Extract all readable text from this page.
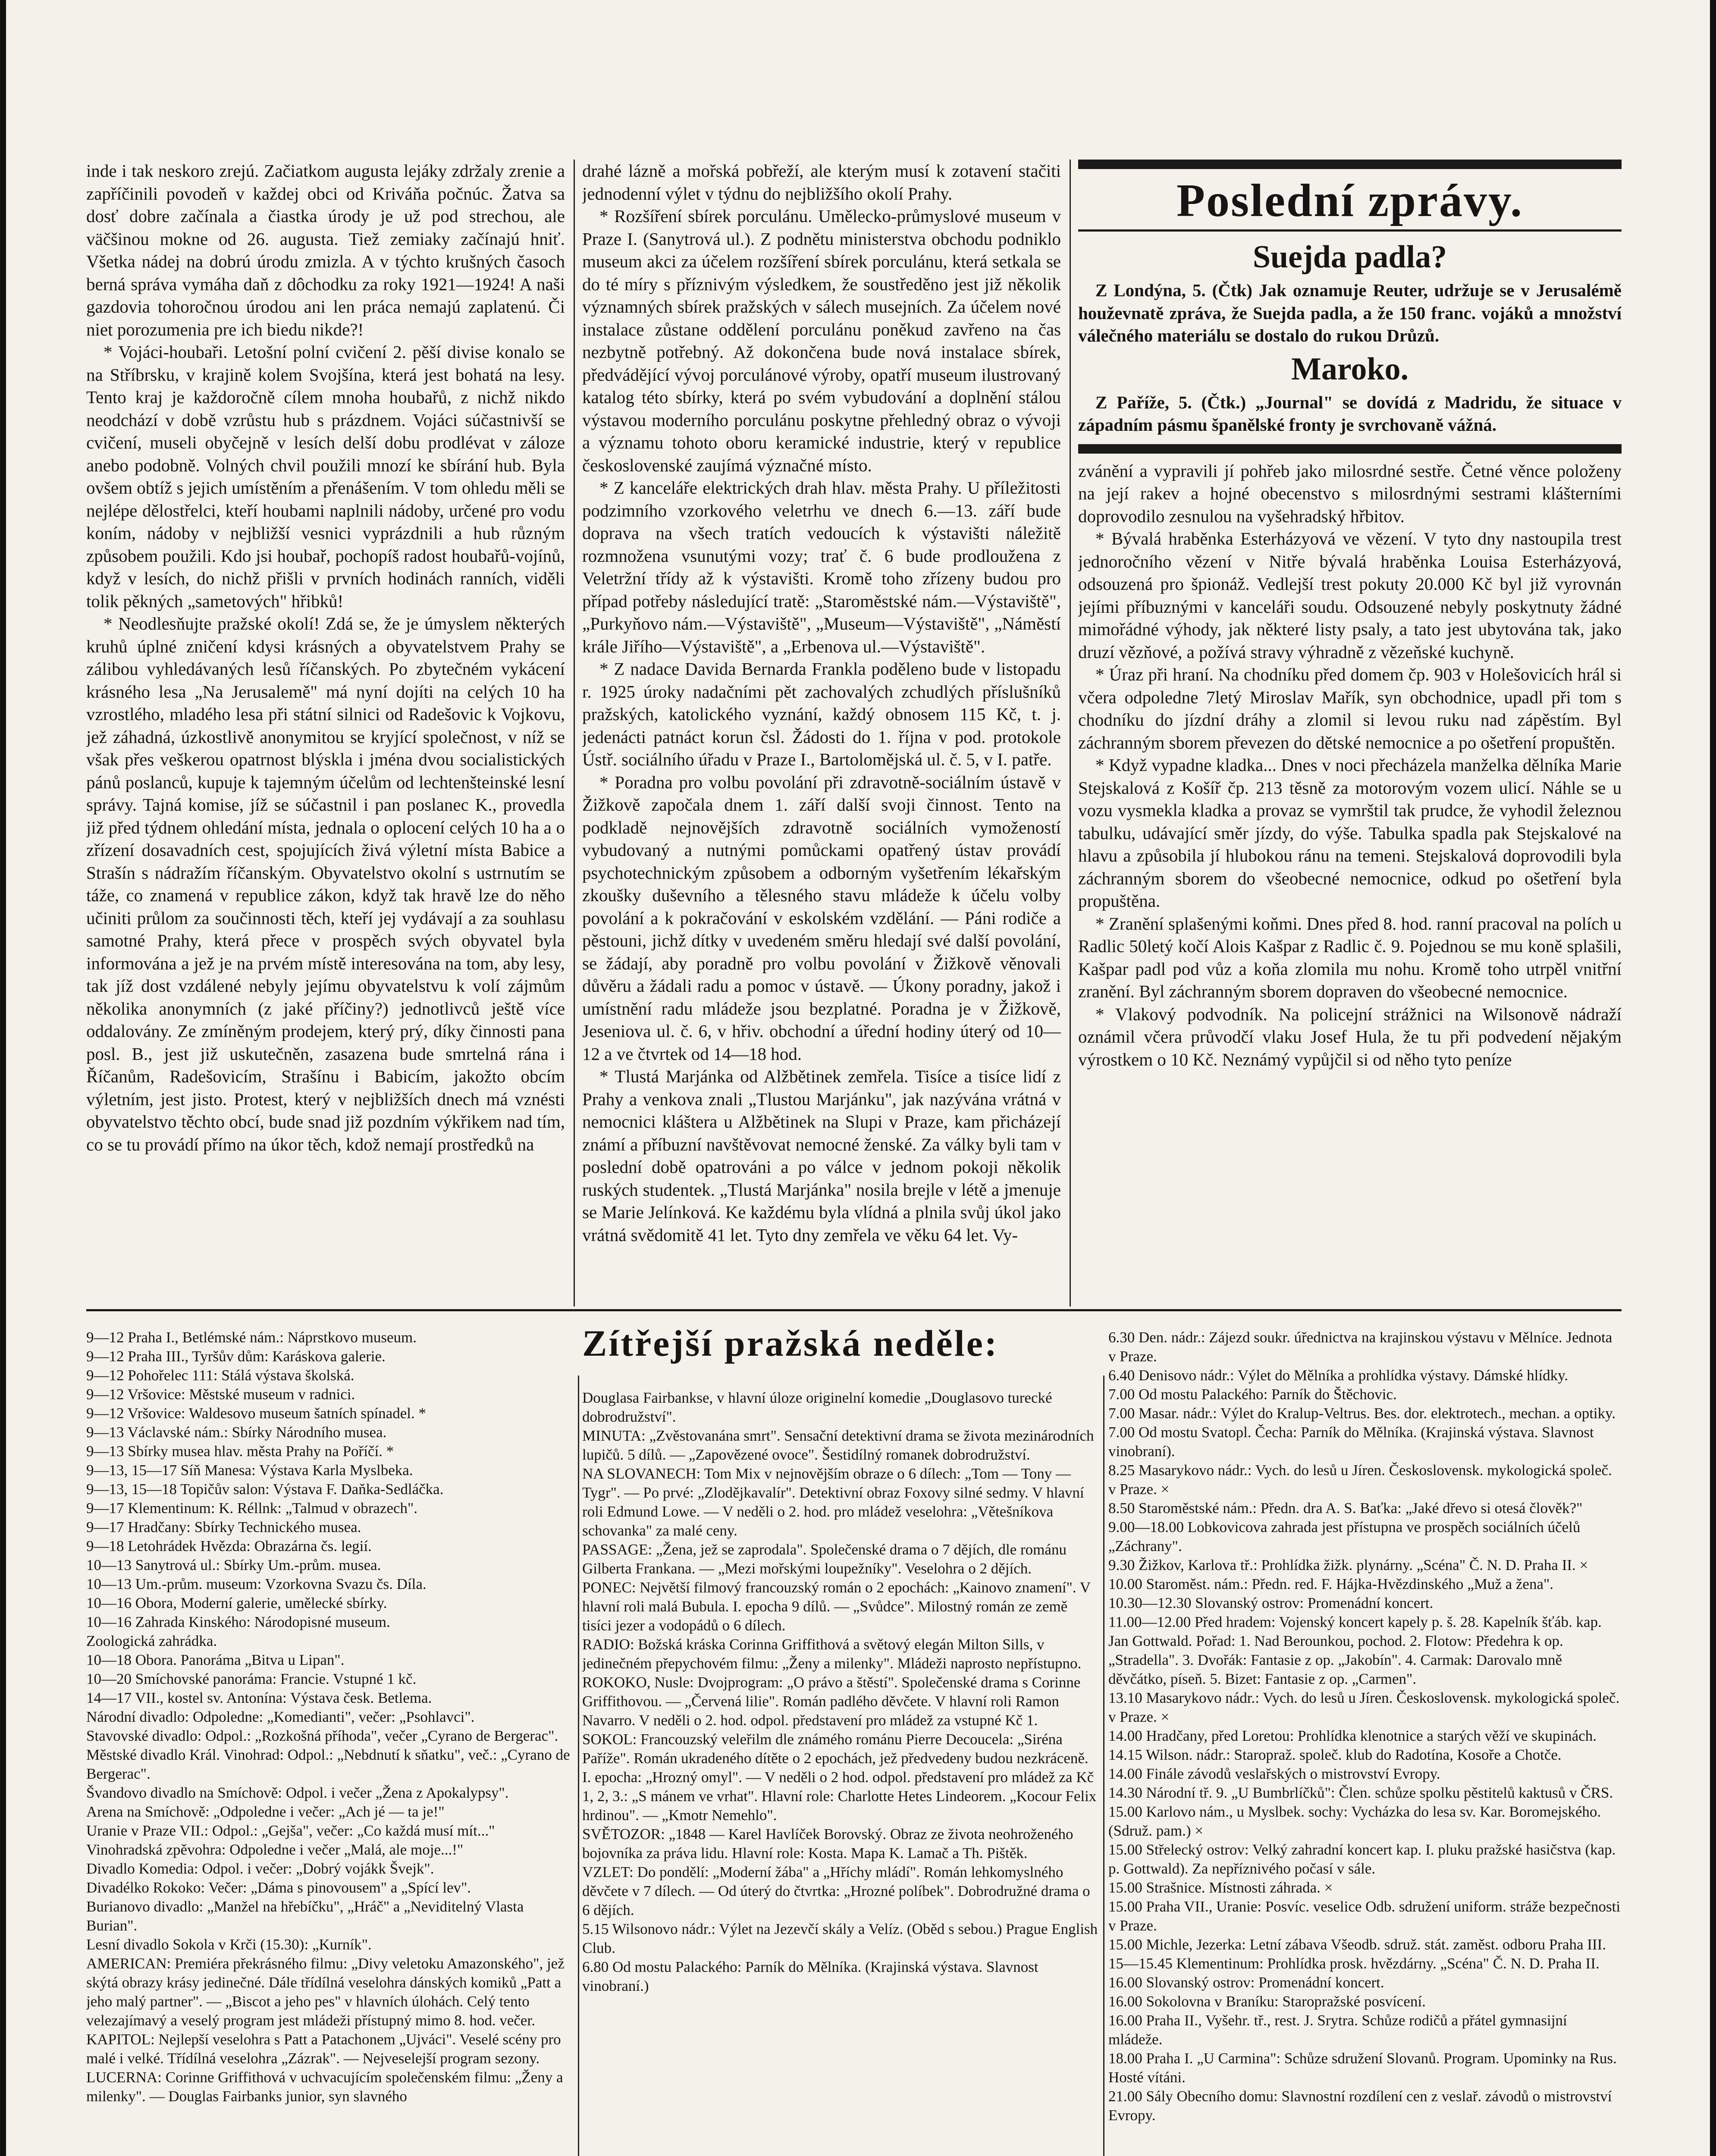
inde i tak neskoro zrejú. Začiatkom augusta lejáky zdržaly zrenie a zapříčinili povodeň v každej obci od Kriváňa počnúc. Žatva sa dosť dobre začínala a čiastka úrody je už pod strechou, ale väčšinou mokne od 26. augusta. Tiež zemiaky začínajú hniť. Všetka nádej na dobrú úrodu zmizla. A v týchto krušných časoch berná správa vymáha daň z dôchodku za roky 1921—1924! A naši gazdovia tohoročnou úrodou ani len práca nemajú zaplatenú. Či niet porozumenia pre ich biedu nikde?!

* Vojáci-houbaři. Letošní polní cvičení 2. pěší divise konalo se na Stříbrsku, v krajině kolem Svojšína, která jest bohatá na lesy. Tento kraj je každoročně cílem mnoha houbařů, z nichž nikdo neodchází v době vzrůstu hub s prázdnem. Vojáci súčastnivší se cvičení, museli obyčejně v lesích delší dobu prodlévat v záloze anebo podobně. Volných chvil použili mnozí ke sbírání hub. Byla ovšem obtíž s jejich umístěním a přenášením. V tom ohledu měli se nejlépe dělostřelci, kteří houbami naplnili nádoby, určené pro vodu koním, nádoby v nejbližší vesnici vyprázdnili a hub různým způsobem použili. Kdo jsi houbař, pochopíš radost houbařů-vojínů, když v lesích, do nichž přišli v prvních hodinách ranních, viděli tolik pěkných „sametových" hřibků!

* Neodlesňujte pražské okolí! Zdá se, že je úmyslem některých kruhů úplné zničení kdysi krásných a obyvatelstvem Prahy se zálibou vyhledávaných lesů říčanských. Po zbytečném vykácení krásného lesa „Na Jerusalemě" má nyní dojíti na celých 10 ha vzrostlého, mladého lesa při státní silnici od Radešovic k Vojkovu, jež záhadná, úzkostlivě anonymitou se kryjící společnost, v níž se však přes veškerou opatrnost blýskla i jména dvou socialistických pánů poslanců, kupuje k tajemným účelům od lechtenšteinské lesní správy. Tajná komise, jíž se súčastnil i pan poslanec K., provedla již před týdnem ohledání místa, jednala o oplocení celých 10 ha a o zřízení dosavadních cest, spojujících živá výletní místa Babice a Strašín s nádražím říčanským. Obyvatelstvo okolní s ustrnutím se táže, co znamená v republice zákon, když tak hravě lze do něho učiniti průlom za součinnosti těch, kteří jej vydávají a za souhlasu samotné Prahy, která přece v prospěch svých obyvatel byla informována a jež je na prvém místě interesována na tom, aby lesy, tak jíž dost vzdálené nebyly jejímu obyvatelstvu k volí zájmům několika anonymních (z jaké příčiny?) jednotlivců ještě více oddalovány. Ze zmíněným prodejem, který prý, díky činnosti pana posl. B., jest již uskutečněn, zasazena bude smrtelná rána i Říčanům, Radešovicím, Strašínu i Babicím, jakožto obcím výletním, jest jisto. Protest, který v nejbližších dnech má vznésti obyvatelstvo těchto obcí, bude snad již pozdním výkřikem nad tím, co se tu provádí přímo na úkor těch, kdož nemají prostředků na

drahé lázně a mořská pobřeží, ale kterým musí k zotavení stačiti jednodenní výlet v týdnu do nejbližšího okolí Prahy.

* Rozšíření sbírek porculánu. Umělecko-průmyslové museum v Praze I. (Sanytrová ul.). Z podnětu ministerstva obchodu podniklo museum akci za účelem rozšíření sbírek porculánu, která setkala se do té míry s příznivým výsledkem, že soustředěno jest již několik významných sbírek pražských v sálech musejních. Za účelem nové instalace zůstane oddělení porculánu poněkud zavřeno na čas nezbytně potřebný. Až dokončena bude nová instalace sbírek, předvádějící vývoj porculánové výroby, opatří museum ilustrovaný katalog této sbírky, která po svém vybudování a doplnění stálou výstavou moderního porculánu poskytne přehledný obraz o vývoji a významu tohoto oboru keramické industrie, který v republice československé zaujímá význačné místo.

* Z kanceláře elektrických drah hlav. města Prahy. U příležitosti podzimního vzorkového veletrhu ve dnech 6.—13. září bude doprava na všech tratích vedoucích k výstavišti náležitě rozmnožena vsunutými vozy; trať č. 6 bude prodloužena z Veletržní třídy až k výstavišti. Kromě toho zřízeny budou pro případ potřeby následující tratě: „Staroměstské nám.—Výstaviště", „Purkyňovo nám.—Výstaviště", „Museum—Výstaviště", „Náměstí krále Jiřího—Výstaviště", a „Erbenova ul.—Výstaviště".

* Z nadace Davida Bernarda Frankla poděleno bude v listopadu r. 1925 úroky nadačními pět zachovalých zchudlých příslušníků pražských, katolického vyznání, každý obnosem 115 Kč, t. j. jedenácti patnáct korun čsl. Žádosti do 1. října v pod. protokole Ústř. sociálního úřadu v Praze I., Bartolomějská ul. č. 5, v I. patře.

* Poradna pro volbu povolání při zdravotně-sociálním ústavě v Žižkově započala dnem 1. září další svoji činnost. Tento na podkladě nejnovějších zdravotně sociálních vymožeností vybudovaný a nutnými pomůckami opatřený ústav provádí psychotechnickým způsobem a odborným vyšetřením lékařským zkoušky duševního a tělesného stavu mládeže k účelu volby povolání a k pokračování v eskolském vzdělání. — Páni rodiče a pěstouni, jichž dítky v uvedeném směru hledají své další povolání, se žádají, aby poradně pro volbu povolání v Žižkově věnovali důvěru a žádali radu a pomoc v ústavě. — Úkony poradny, jakož i umístnění radu mládeže jsou bezplatné. Poradna je v Žižkově, Jeseniova ul. č. 6, v hřiv. obchodní a úřední hodiny úterý od 10—12 a ve čtvrtek od 14—18 hod.

* Tlustá Marjánka od Alžbětinek zemřela. Tisíce a tisíce lidí z Prahy a venkova znali „Tlustou Marjánku", jak nazývána vrátná v nemocnici klášterа u Alžbětinek na Slupi v Praze, kam přicházejí známí a příbuzní navštěvovat nemocné ženské. Za války byli tam v poslední době opatrováni a po válce v jednom pokoji několik ruských studentek. „Tlustá Marjánka" nosila brejle v létě a jmenuje se Marie Jelínková. Ke každému byla vlídná a plnila svůj úkol jako vrátná svědomitě 41 let. Tyto dny zemřela ve věku 64 let. Vy-

Poslední zprávy.
Suejda padla?

Z Londýna, 5. (Čtk) Jak oznamuje Reuter, udržuje se v Jerusalémě houževnatě zpráva, že Suejda padla, a že 150 franc. vojáků a množství válečného materiálu se dostalo do rukou Drůzů.

Maroko.

Z Paříže, 5. (Čtk.) „Journal" se dovídá z Madridu, že situace v západním pásmu španělské fronty je svrchovaně vážná.

zvánění a vypravili jí pohřeb jako milosrdné sestře. Četné věnce položeny na její rakev a hojné obecenstvo s milosrdnými sestrami klášterními doprovodilo zesnulou na vyšehradský hřbitov.

* Bývalá hraběnka Esterházyová ve vězení. V tyto dny nastoupila trest jednoročního vězení v Nitře bývalá hraběnka Louisa Esterházyová, odsouzená pro špionáž. Vedlejší trest pokuty 20.000 Kč byl již vyrovnán jejími příbuznými v kanceláři soudu. Odsouzené nebyly poskytnuty žádné mimořádné výhody, jak některé listy psaly, a tato jest ubytována tak, jako druzí vězňové, a požívá stravy výhradně z vězeňské kuchyně.

* Úraz při hraní. Na chodníku před domem čp. 903 v Holešovicích hrál si včera odpoledne 7letý Miroslav Mařík, syn obchodnice, upadl při tom s chodníku do jízdní dráhy a zlomil si levou ruku nad zápěstím. Byl záchranným sborem převezen do dětské nemocnice a po ošetření propuštěn.

* Když vypadne kladka... Dnes v noci přecházela manželka dělníka Marie Stejskalová z Košíř čp. 213 těsně za motorovým vozem ulicí. Náhle se u vozu vysmekla kladka a provaz se vymrštil tak prudce, že vyhodil železnou tabulku, udávající směr jízdy, do výše. Tabulka spadla pak Stejskalové na hlavu a způsobila jí hlubokou ránu na temeni. Stejskalová doprovodili byla záchranným sborem do všeobecné nemocnice, odkud po ošetření byla propuštěna.

* Zranění splašenými koňmi. Dnes před 8. hod. ranní pracoval na polích u Radlic 50letý kočí Alois Kašpar z Radlic č. 9. Pojednou se mu koně splašili, Kašpar padl pod vůz a koňa zlomila mu nohu. Kromě toho utrpěl vnitřní zranění. Byl záchranným sborem dopraven do všeobecné nemocnice.

* Vlakový podvodník. Na policejní strážnici na Wilsonově nádraží oznámil včera průvodčí vlaku Josef Hula, že tu při podvedení nějakým výrostkem o 10 Kč. Neznámý vypůjčil si od něho tyto peníze

Zítřejší pražská neděle:

9—12 Praha I., Betlémské nám.: Náprstkovo museum.

9—12 Praha III., Tyršův dům: Karáskova galerie.

9—12 Pohořelec 111: Stálá výstava školská.

9—12 Vršovice: Městské museum v radnici.

9—12 Vršovice: Waldesovo museum šatních spínadel. *

9—13 Václavské nám.: Sbírky Národního musea.

9—13 Sbírky musea hlav. města Prahy na Poříčí. *

9—13, 15—17 Síň Manesa: Výstava Karla Myslbeka.

9—13, 15—18 Topičův salon: Výstava F. Daňka-Sedláčka.

9—17 Klementinum: K. Réllnk: „Talmud v obrazech".

9—17 Hradčany: Sbírky Technického musea.

9—18 Letohrádek Hvězda: Obrazárna čs. legií.

10—13 Sanytrová ul.: Sbírky Um.-prům. musea.

10—13 Um.-prům. museum: Vzorkovna Svazu čs. Díla.

10—16 Obora, Moderní galerie, umělecké sbírky.

10—16 Zahrada Kinského: Národopisné museum.

Zoologická zahrádka.

10—18 Obora. Panoráma „Bitva u Lipan".

10—20 Smíchovské panoráma: Francie. Vstupné 1 kč.

14—17 VII., kostel sv. Antonína: Výstava česk. Betlema.

Národní divadlo: Odpoledne: „Komedianti", večer: „Psohlavci".

Stavovské divadlo: Odpol.: „Rozkošná příhoda", večer „Cyrano de Bergerac".

Městské divadlo Král. Vinohrad: Odpol.: „Nebdnutí k sňatku", več.: „Cyrano de Bergerac".

Švandovo divadlo na Smíchově: Odpol. i večer „Žena z Apokalypsy".

Arena na Smíchově: „Odpoledne i večer: „Ach jé — ta je!"

Uranie v Praze VII.: Odpol.: „Gejša", večer: „Co každá musí mít..."

Vinohradská zpěvohra: Odpoledne i večer „Malá, ale moje...!"

Divadlo Komedia: Odpol. i večer: „Dobrý vojákk Švejk".

Divadélko Rokoko: Večer: „Dáma s pinovousem" a „Spící lev".

Burianovo divadlo: „Manžel na hřebíčku", „Hráč" a „Neviditelný Vlasta Burian".

Lesní divadlo Sokola v Krči (15.30): „Kurník".

AMERICAN: Premiéra překrásného filmu: „Divy veletoku Amazonského", jež skýtá obrazy krásy jedinečné. Dále třídílná veselohra dánských komiků „Patt a jeho malý partner". — „Biscot a jeho pes" v hlavních úlohách. Celý tento velezajímavý a veselý program jest mládeži přístupný mimo 8. hod. večer.

KAPITOL: Nejlepší veselohra s Patt a Patachonem „Ujváci". Veselé scény pro malé i velké. Třídílná veselohra „Zázrak". — Nejveselejší program sezony.

LUCERNA: Corinne Griffithová v uchvacujícím společenském filmu: „Ženy a milenky". — Douglas Fairbanks junior, syn slavného

Douglasa Fairbankse, v hlavní úloze originelní komedie „Douglasovo turecké dobrodružství".

MINUTA: „Zvěstovanána smrt". Sensační detektivní drama se životа mezinárodních lupičů. 5 dílů. — „Zapovězené ovoce". Šestidílný romanek dobrodružství.

NA SLOVANECH: Tom Mix v nejnovějším obraze o 6 dílech: „Tom — Tony — Tygr". — Po prvé: „Zlodějkavalír". Detektivní obraz Foxovy silné sedmy. V hlavní roli Edmund Lowe. — V neděli o 2. hod. pro mládež veselohra: „Větešníkova schovanka" za malé ceny.

PASSAGE: „Žena, jež se zaprodala". Společenské drama o 7 dějích, dle románu Gilberta Frankana. — „Mezi mořskými loupežníky". Veselohra o 2 dějích.

PONEC: Největší filmový francouzský román o 2 epochách: „Kainovo znamení". V hlavní roli malá Bubula. I. epocha 9 dílů. — „Svůdce". Milostný román ze země tisíci jezer a vodopádů o 6 dílech.

RADIO: Božská kráska Corinna Griffithová a světový elegán Milton Sills, v jedinečném přepychovém filmu: „Ženy a milenky". Mládeži naprosto nepřístupno.

ROKOKO, Nusle: Dvojprogram: „O právo a štěstí". Společenské drama s Corinne Griffithovou. — „Červená lilie". Román padlého děvčete. V hlavní roli Ramon Navarro. V neděli o 2. hod. odpol. představení pro mládež za vstupné Kč 1.

SOKOL: Francouzský veleřilm dle známého románu Pierre Decoucela: „Siréna Paříže". Román ukradeného dítěte o 2 epochách, jež předvedeny budou nezkráceně. I. epocha: „Hrozný omyl". — V neděli o 2 hod. odpol. představení pro mládež za Kč 1, 2, 3.: „S mánem ve vrhat". Hlavní role: Charlotte Hetes Lindeorem. „Kocour Felix hrdinou". — „Kmotr Nemehlo".

SVĚTOZOR: „1848 — Karel Havlíček Borovský. Obraz ze života neohroženého bojovníka za práva lidu. Hlavní role: Kosta. Mapa K. Lamač a Th. Pištěk.

VZLET: Do pondělí: „Moderní žába" a „Hříchy mládí". Román lehkomyslného děvčete v 7 dílech. — Od úterý do čtvrtka: „Hrozné políbek". Dobrodružné drama o 6 dějích.

5.15 Wilsonovo nádr.: Výlet na Jezevčí skály a Velíz. (Oběd s sebou.) Prague English Club.

6.80 Od mostu Palackého: Parník do Mělníka. (Krajinská výstava. Slavnost vinobraní.)

6.30 Den. nádr.: Zájezd soukr. úřednictva na krajinskou výstavu v Mělníce. Jednota v Praze.

6.40 Denisovo nádr.: Výlet do Mělníka a prohlídka výstavy. Dámské hlídky.

7.00 Od mostu Palackého: Parník do Štěchovic.

7.00 Masar. nádr.: Výlet do Kralup-Veltrus. Bes. dor. elektrotech., mechan. a optiky.

7.00 Od mostu Svatopl. Čecha: Parník do Mělníka. (Krajinská výstava. Slavnost vinobraní).

8.25 Masarykovo nádr.: Vych. do lesů u Jíren. Československ. mykologická společ. v Praze. ×

8.50 Staroměstské nám.: Předn. dra A. S. Baťka: „Jaké dřevo si otesá člověk?"

9.00—18.00 Lobkovicova zahrada jest přístupna ve prospěch sociálních účelů „Záchrany".

9.30 Žižkov, Karlova tř.: Prohlídka žižk. plynárny. „Scéna" Č. N. D. Praha II. ×

10.00 Staroměst. nám.: Předn. red. F. Hájka-Hvězdinského „Muž a žena".

10.30—12.30 Slovanský ostrov: Promenádní koncert.

11.00—12.00 Před hradem: Vojenský koncert kapely p. š. 28. Kapelník šťáb. kap. Jan Gottwald. Pořad: 1. Nad Berounkou, pochod. 2. Flotow: Předehra k op. „Stradella". 3. Dvořák: Fantasie z op. „Jakobín". 4. Carmak: Darovalo mně děvčátko, píseň. 5. Bizet: Fantasie z op. „Carmen".

13.10 Masarykovo nádr.: Vych. do lesů u Jíren. Československ. mykologická společ. v Praze. ×

14.00 Hradčany, před Loretou: Prohlídka klenotnice a starých věží ve skupinách.

14.15 Wilson. nádr.: Staropraž. společ. klub do Radotína, Kosoře a Chotče.

14.00 Finále závodů veslařských o mistrovství Evropy.

14.30 Národní tř. 9. „U Bumbrlíčků": Člen. schůze spolku pěstitelů kaktusů v ČRS.

15.00 Karlovo nám., u Myslbek. sochy: Vycházka do lesa sv. Kar. Boromejského. (Sdruž. pam.) ×

15.00 Střelecký ostrov: Velký zahradní koncert kap. I. pluku pražské hasičstva (kap. p. Gottwald). Za nepříznivého počasí v sále.

15.00 Strašnice. Místnosti záhrada. ×

15.00 Praha VII., Uranie: Posvíc. veselice Odb. sdružení uniform. stráže bezpečnosti v Praze.

15.00 Michle, Jezerka: Letní zábava Všeodb. sdruž. stát. zaměst. odboru Praha III.

15—15.45 Klementinum: Prohlídka prosk. hvězdárny. „Scéna" Č. N. D. Praha II.

16.00 Slovanský ostrov: Promenádní koncert.

16.00 Sokolovna v Braníku: Staropražské posvícení.

16.00 Praha II., Vyšehr. tř., rest. J. Srytra. Schůze rodičů a přátel gymnasijní mládeže.

18.00 Praha I. „U Carmina": Schůze sdružení Slovanů. Program. Upominky na Rus. Hosté vítáni.

21.00 Sály Obecního domu: Slavnostní rozdílení cen z veslař. závodů o mistrovství Evropy.
